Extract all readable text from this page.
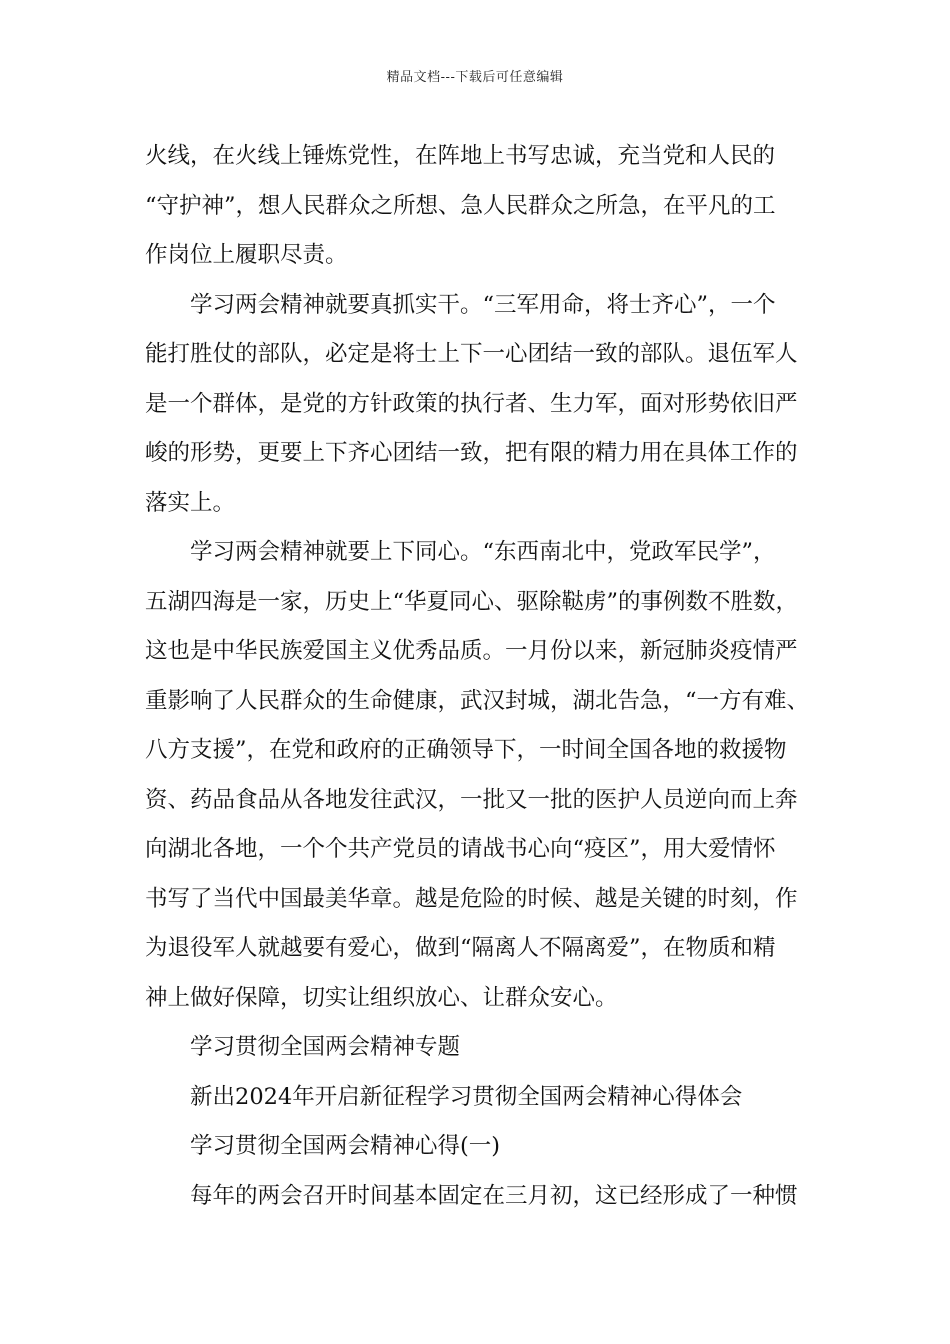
精品文档---下载后可任意编辑
火线，在火线上锤炼党性，在阵地上书写忠诚，充当党和人民的
“守护神”，想人民群众之所想、急人民群众之所急，在平凡的工
作岗位上履职尽责。
学习两会精神就要真抓实干。“三军用命，将士齐心”，一个
能打胜仗的部队，必定是将士上下一心团结一致的部队。退伍军人
是一个群体，是党的方针政策的执行者、生力军，面对形势依旧严
峻的形势，更要上下齐心团结一致，把有限的精力用在具体工作的
落实上。
学习两会精神就要上下同心。“东西南北中，党政军民学”，
五湖四海是一家，历史上“华夏同心、驱除鞑虏”的事例数不胜数，
这也是中华民族爱国主义优秀品质。一月份以来，新冠肺炎疫情严
重影响了人民群众的生命健康，武汉封城，湖北告急，“一方有难、
八方支援”，在党和政府的正确领导下，一时间全国各地的救援物
资、药品食品从各地发往武汉，一批又一批的医护人员逆向而上奔
向湖北各地，一个个共产党员的请战书心向“疫区”，用大爱情怀
书写了当代中国最美华章。越是危险的时候、越是关键的时刻，作
为退役军人就越要有爱心，做到“隔离人不隔离爱”，在物质和精
神上做好保障，切实让组织放心、让群众安心。
学习贯彻全国两会精神专题
新出2024年开启新征程学习贯彻全国两会精神心得体会
学习贯彻全国两会精神心得(一)
每年的两会召开时间基本固定在三月初，这已经形成了一种惯
